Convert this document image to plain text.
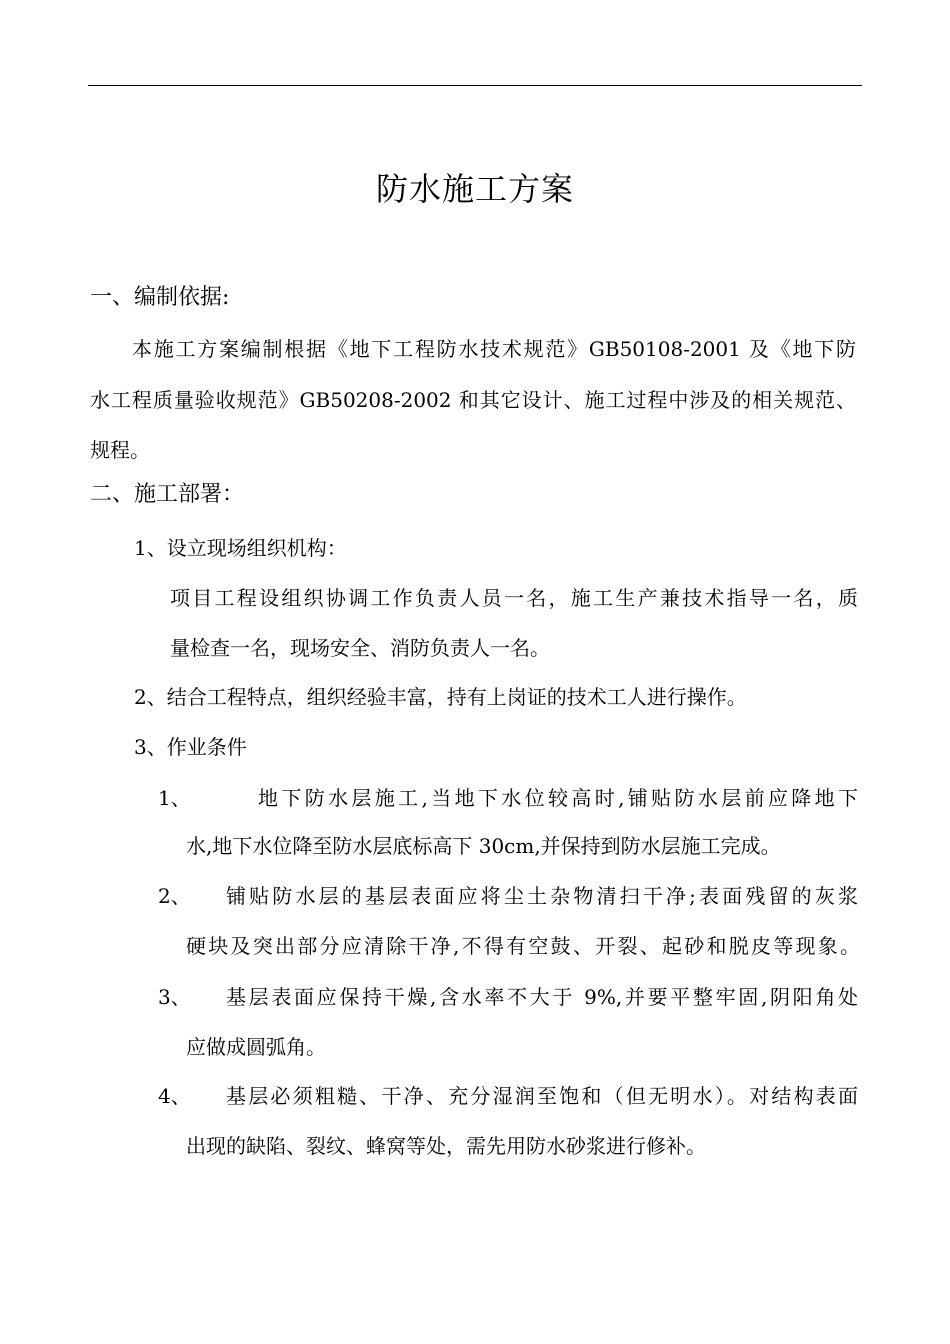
防水施工方案
一、编制依据:
本施工方案编制根据《地下工程防水技术规范》GB50108-2001 及《地下防
水工程质量验收规范》GB50208-2002 和其它设计、施工过程中涉及的相关规范、
规程。
二、施工部署：
1、设立现场组织机构：
项目工程设组织协调工作负责人员一名，施工生产兼技术指导一名，质
量检查一名，现场安全、消防负责人一名。
2、结合工程特点，组织经验丰富，持有上岗证的技术工人进行操作。
3、作业条件
1、	地下防水层施工,当地下水位较高时,铺贴防水层前应降地下
水,地下水位降至防水层底标高下 30cm,并保持到防水层施工完成。
2、 铺贴防水层的基层表面应将尘土杂物清扫干净;表面残留的灰浆
硬块及突出部分应清除干净,不得有空鼓、开裂、起砂和脱皮等现象。
3、 基层表面应保持干燥,含水率不大于 9%,并要平整牢固,阴阳角处
应做成圆弧角。
4、 基层必须粗糙、干净、充分湿润至饱和（但无明水）。对结构表面
出现的缺陷、裂纹、蜂窝等处，需先用防水砂浆进行修补。
